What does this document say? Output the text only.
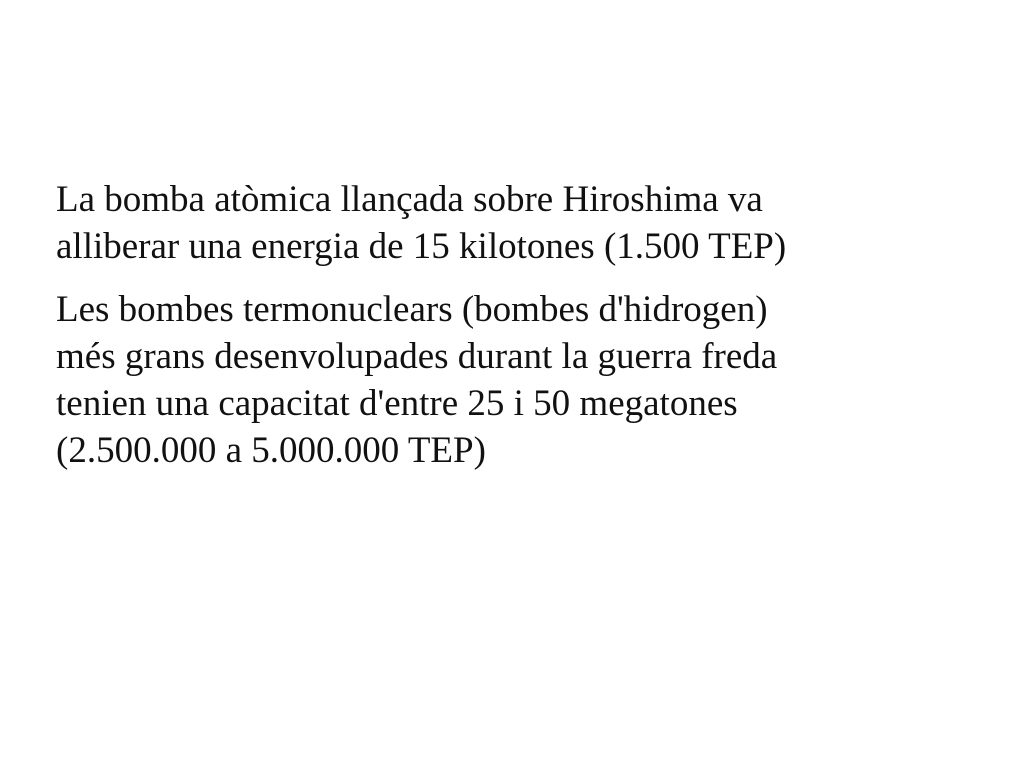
La bomba atòmica llançada sobre Hiroshima va
alliberar una energia de 15 kilotones (1.500 TEP)

Les bombes termonuclears (bombes d'hidrogen)
més grans desenvolupades durant la guerra freda
tenien una capacitat d'entre 25 i 50 megatones
(2.500.000 a 5.000.000 TEP)
